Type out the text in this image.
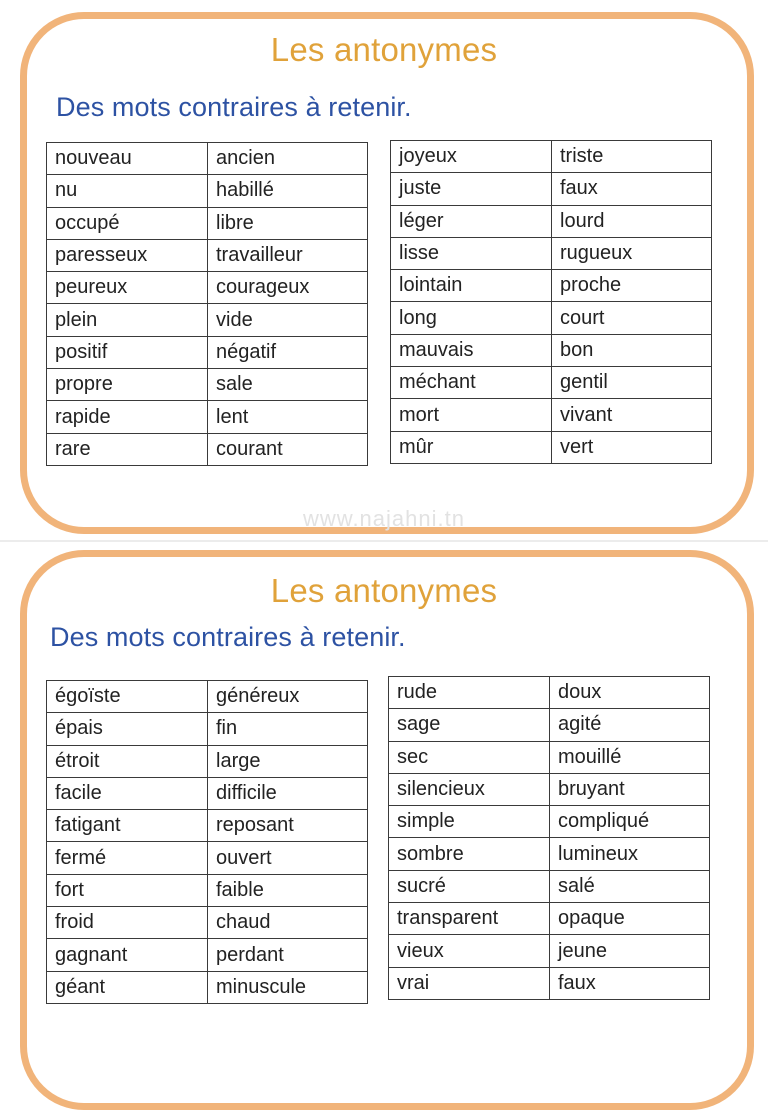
Les antonymes
Des mots contraires à retenir.
nouveau	ancien
nu	habillé
occupé	libre
paresseux	travailleur
peureux	courageux
plein	vide
positif	négatif
propre	sale
rapide	lent
rare	courant
joyeux	triste
juste	faux
léger	lourd
lisse	rugueux
lointain	proche
long	court
mauvais	bon
méchant	gentil
mort	vivant
mûr	vert
www.najahni.tn
Les antonymes
Des mots contraires à retenir.
égoïste	généreux
épais	fin
étroit	large
facile	difficile
fatigant	reposant
fermé	ouvert
fort	faible
froid	chaud
gagnant	perdant
géant	minuscule
rude	doux
sage	agité
sec	mouillé
silencieux	bruyant
simple	compliqué
sombre	lumineux
sucré	salé
transparent	opaque
vieux	jeune
vrai	faux
